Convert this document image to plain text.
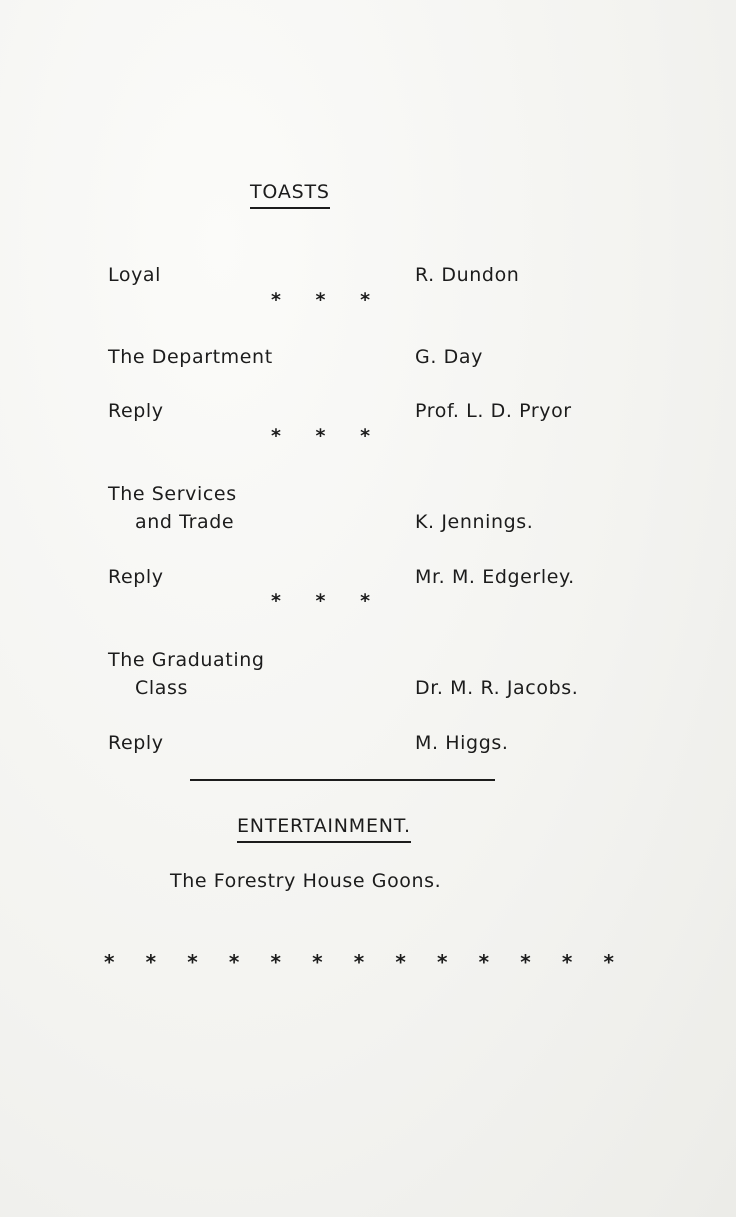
TOASTS
Loyal	R. Dundon
* * *
The Department	G. Day
Reply	Prof. L. D. Pryor
* * *
The Services
and Trade	K. Jennings.
Reply	Mr. M. Edgerley.
* * *
The Graduating
Class	Dr. M. R. Jacobs.
Reply	M. Higgs.
ENTERTAINMENT.
The Forestry House Goons.
* * * * * * * * * * * * *
